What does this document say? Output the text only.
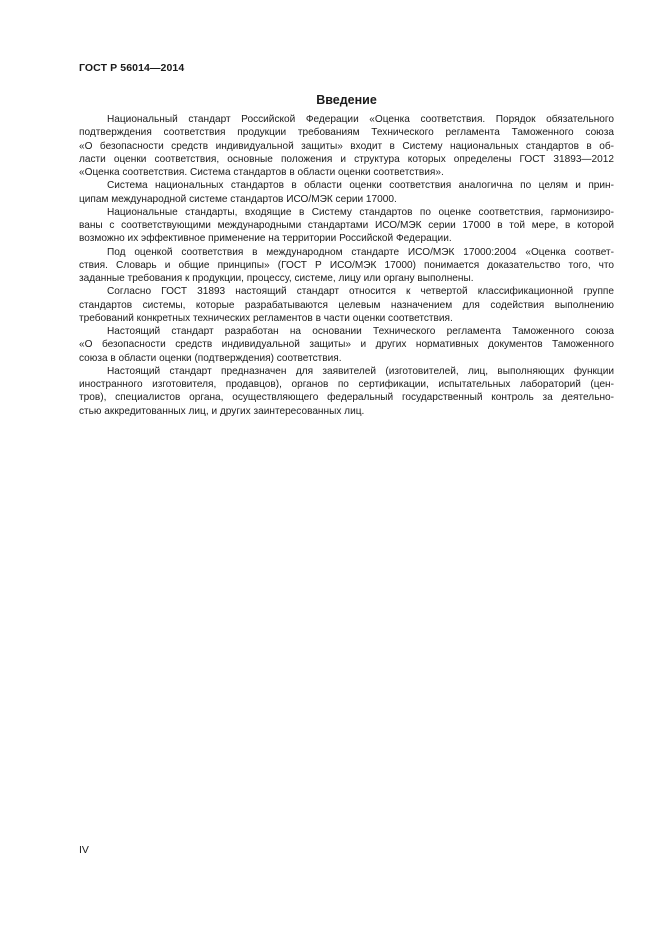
ГОСТ Р 56014—2014
Введение
Национальный стандарт Российской Федерации «Оценка соответствия. Порядок обязательного
подтверждения соответствия продукции требованиям Технического регламента Таможенного союза
«О безопасности средств индивидуальной защиты» входит в Систему национальных стандартов в об-
ласти оценки соответствия, основные положения и структура которых определены ГОСТ 31893—2012
«Оценка соответствия. Система стандартов в области оценки соответствия».
Система национальных стандартов в области оценки соответствия аналогична по целям и прин-
ципам международной системе стандартов ИСО/МЭК серии 17000.
Национальные стандарты, входящие в Систему стандартов по оценке соответствия, гармонизиро-
ваны с соответствующими международными стандартами ИСО/МЭК серии 17000 в той мере, в которой
возможно их эффективное применение на территории Российской Федерации.
Под оценкой соответствия в международном стандарте ИСО/МЭК 17000:2004 «Оценка соответ-
ствия. Словарь и общие принципы» (ГОСТ Р ИСО/МЭК 17000) понимается доказательство того, что
заданные требования к продукции, процессу, системе, лицу или органу выполнены.
Согласно ГОСТ 31893 настоящий стандарт относится к четвертой классификационной группе
стандартов системы, которые разрабатываются целевым назначением для содействия выполнению
требований конкретных технических регламентов в части оценки соответствия.
Настоящий стандарт разработан на основании Технического регламента Таможенного союза
«О безопасности средств индивидуальной защиты» и других нормативных документов Таможенного
союза в области оценки (подтверждения) соответствия.
Настоящий стандарт предназначен для заявителей (изготовителей, лиц, выполняющих функции
иностранного изготовителя, продавцов), органов по сертификации, испытательных лабораторий (цен-
тров), специалистов органа, осуществляющего федеральный государственный контроль за деятельно-
стью аккредитованных лиц, и других заинтересованных лиц.
IV
